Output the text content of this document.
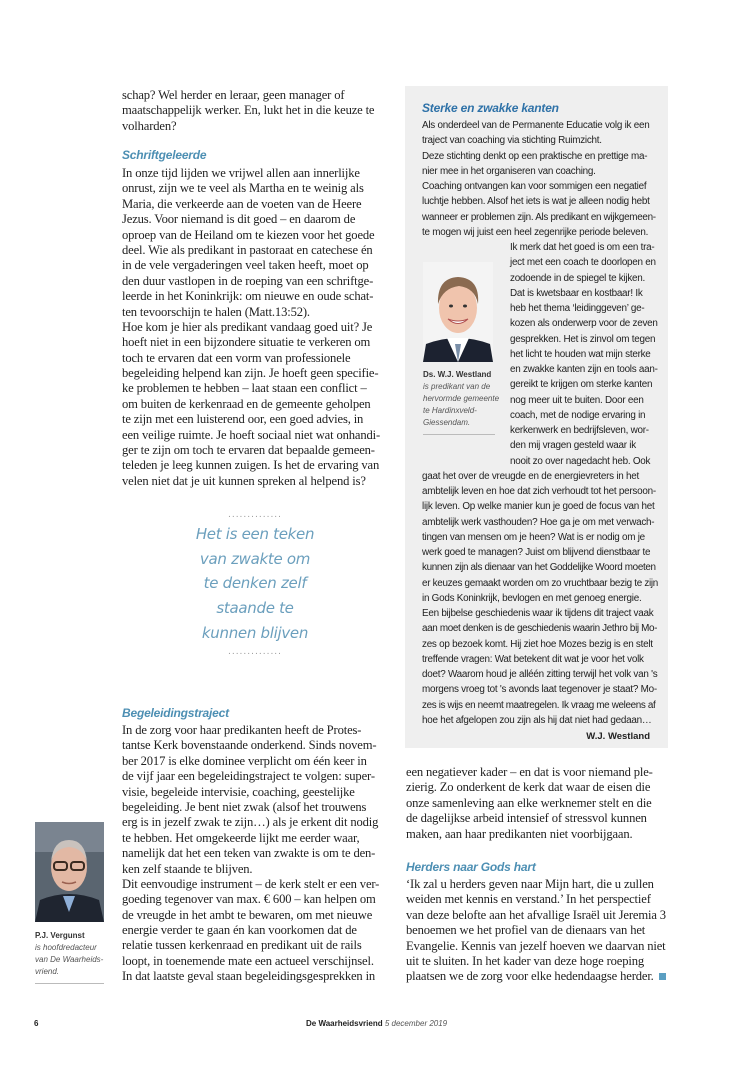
schap? Wel herder en leraar, geen manager of
maatschappelijk werker. En, lukt het in die keuze te
volharden?
Schriftgeleerde
In onze tijd lijden we vrijwel allen aan innerlijke
onrust, zijn we te veel als Martha en te weinig als
Maria, die verkeerde aan de voeten van de Heere
Jezus. Voor niemand is dit goed – en daarom de
oproep van de Heiland om te kiezen voor het goede
deel. Wie als predikant in pastoraat en catechese én
in de vele vergaderingen veel taken heeft, moet op
den duur vastlopen in de roeping van een schriftge-
leerde in het Koninkrijk: om nieuwe en oude schat-
ten tevoorschijn te halen (Matt.13:52).
Hoe kom je hier als predikant vandaag goed uit? Je
hoeft niet in een bijzondere situatie te verkeren om
toch te ervaren dat een vorm van professionele
begeleiding helpend kan zijn. Je hoeft geen specifie-
ke problemen te hebben – laat staan een conflict –
om buiten de kerkenraad en de gemeente geholpen
te zijn met een luisterend oor, een goed advies, in
een veilige ruimte. Je hoeft sociaal niet wat onhandi-
ger te zijn om toch te ervaren dat bepaalde gemeen-
teleden je leeg kunnen zuigen. Is het de ervaring van
velen niet dat je uit kunnen spreken al helpend is?
..............
Het is een teken
van zwakte om
te denken zelf
staande te
kunnen blijven
..............
Begeleidingstraject
In de zorg voor haar predikanten heeft de Protes-
tantse Kerk bovenstaande onderkend. Sinds novem-
ber 2017 is elke dominee verplicht om één keer in
de vijf jaar een begeleidingstraject te volgen: super-
visie, begeleide intervisie, coaching, geestelijke
begeleiding. Je bent niet zwak (alsof het trouwens
erg is in jezelf zwak te zijn…) als je erkent dit nodig
te hebben. Het omgekeerde lijkt me eerder waar,
namelijk dat het een teken van zwakte is om te den-
ken zelf staande te blijven.
Dit eenvoudige instrument – de kerk stelt er een ver-
goeding tegenover van max. € 600 – kan helpen om
de vreugde in het ambt te bewaren, om met nieuwe
energie verder te gaan én kan voorkomen dat de
relatie tussen kerkenraad en predikant uit de rails
loopt, in toenemende mate een actueel verschijnsel.
In dat laatste geval staan begeleidingsgesprekken in
P.J. Vergunst
is hoofdredacteur
van De Waarheids-
vriend.
Sterke en zwakke kanten
Als onderdeel van de Permanente Educatie volg ik een
traject van coaching via stichting Ruimzicht.
Deze stichting denkt op een praktische en prettige ma-
nier mee in het organiseren van coaching.
Coaching ontvangen kan voor sommigen een negatief
luchtje hebben. Alsof het iets is wat je alleen nodig hebt
wanneer er problemen zijn. Als predikant en wijkgemeen-
te mogen wij juist een heel zegenrijke periode beleven.
Ik merk dat het goed is om een tra-
ject met een coach te doorlopen en
zodoende in de spiegel te kijken.
Dat is kwetsbaar en kostbaar! Ik
heb het thema ‘leidinggeven’ ge-
kozen als onderwerp voor de zeven
gesprekken. Het is zinvol om tegen
het licht te houden wat mijn sterke
en zwakke kanten zijn en tools aan-
gereikt te krijgen om sterke kanten
nog meer uit te buiten. Door een
coach, met de nodige ervaring in
kerkenwerk en bedrijfsleven, wor-
den mij vragen gesteld waar ik
nooit zo over nagedacht heb. Ook
gaat het over de vreugde en de energievreters in het
ambtelijk leven en hoe dat zich verhoudt tot het persoon-
lijk leven. Op welke manier kun je goed de focus van het
ambtelijk werk vasthouden? Hoe ga je om met verwach-
tingen van mensen om je heen? Wat is er nodig om je
werk goed te managen? Juist om blijvend dienstbaar te
kunnen zijn als dienaar van het Goddelijke Woord moeten
er keuzes gemaakt worden om zo vruchtbaar bezig te zijn
in Gods Koninkrijk, bevlogen en met genoeg energie.
Een bijbelse geschiedenis waar ik tijdens dit traject vaak
aan moet denken is de geschiedenis waarin Jethro bij Mo-
zes op bezoek komt. Hij ziet hoe Mozes bezig is en stelt
treffende vragen: Wat betekent dit wat je voor het volk
doet? Waarom houd je alléén zitting terwijl het volk van 's
morgens vroeg tot 's avonds laat tegenover je staat? Mo-
zes is wijs en neemt maatregelen. Ik vraag me weleens af
hoe het afgelopen zou zijn als hij dat niet had gedaan…
W.J. Westland
Ds. W.J. Westland
is predikant van de
hervormde gemeente
te Hardinxveld-
Giessendam.
een negatiever kader – en dat is voor niemand ple-
zierig. Zo onderkent de kerk dat waar de eisen die
onze samenleving aan elke werknemer stelt en die
de dagelijkse arbeid intensief of stressvol kunnen
maken, aan haar predikanten niet voorbijgaan.
Herders naar Gods hart
‘Ik zal u herders geven naar Mijn hart, die u zullen
weiden met kennis en verstand.’ In het perspectief
van deze belofte aan het afvallige Israël uit Jeremia 3
benoemen we het profiel van de dienaars van het
Evangelie. Kennis van jezelf hoeven we daarvan niet
uit te sluiten. In het kader van deze hoge roeping
plaatsen we de zorg voor elke hedendaagse herder.
6	De Waarheidsvriend 5 december 2019
